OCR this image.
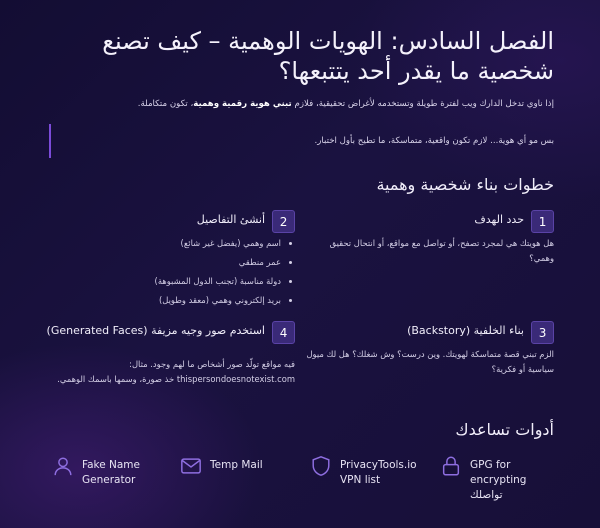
الفصل السادس: الهويات الوهمية – كيف تصنع شخصية ما يقدر أحد يتتبعها؟
إذا ناوي تدخل الدارك ويب لفترة طويلة وتستخدمه لأغراض تحقيقية، فلازم تبني هوية رقمية وهمية، تكون متكاملة.
بس مو أي هوية... لازم تكون واقعية، متماسكة، ما تطيح بأول اختبار.
خطوات بناء شخصية وهمية
1
حدد الهدف
هل هويتك هي لمجرد تصفح، أو تواصل مع مواقع، أو انتحال تحقيق وهمي؟
2
أنشئ التفاصيل
اسم وهمي (يفضل غير شائع)
عمر منطقي
دولة مناسبة (تجنب الدول المشبوهة)
بريد إلكتروني وهمي (معقد وطويل)
3
بناء الخلفية (Backstory)
الزم تبني قصة متماسكة لهويتك. وين درست؟ وش شغلك؟ هل لك ميول سياسية أو فكرية؟
4
استخدم صور وجيه مزيفة (Generated Faces)
فيه مواقع تولّد صور أشخاص ما لهم وجود. مثال: thispersondoesnotexist.com خذ صورة، وسمها باسمك الوهمي.
أدوات تساعدك
Fake Name Generator
Temp Mail	PrivacyTools.io VPN list
GPG for encrypting تواصلك
